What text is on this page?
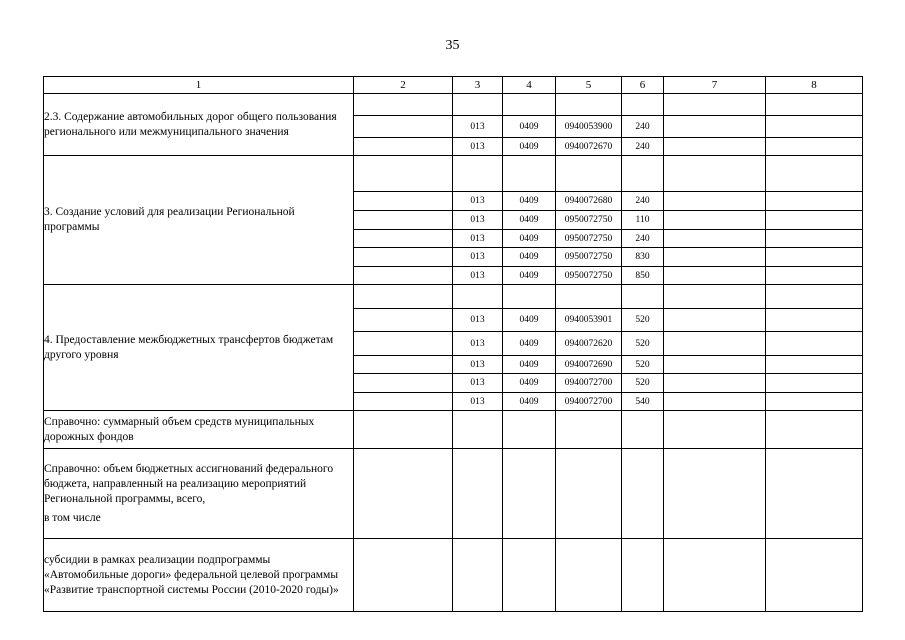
35
1	2	3	4	5	6	7	8
2.3. Содержание автомобильных дорог общего пользования регионального или межмуниципального значения							
		013	0409	0940053900	240		
		013	0409	0940072670	240		
3. Создание условий для реализации Региональной программы							
		013	0409	0940072680	240		
		013	0409	0950072750	110		
		013	0409	0950072750	240		
		013	0409	0950072750	830		
		013	0409	0950072750	850		
4. Предоставление межбюджетных трансфертов бюджетам другого уровня							
		013	0409	0940053901	520		
		013	0409	0940072620	520		
		013	0409	0940072690	520		
		013	0409	0940072700	520		
		013	0409	0940072700	540		
Справочно: суммарный объем средств муниципальных дорожных фондов							
Справочно: объем бюджетных ассигнований федерального бюджета, направленный на реализацию мероприятий Региональной программы, всего,
в том числе							

субсидии в рамках реализации подпрограммы «Автомобильные дороги» федеральной целевой программы «Развитие транспортной системы России (2010-2020 годы)»							
